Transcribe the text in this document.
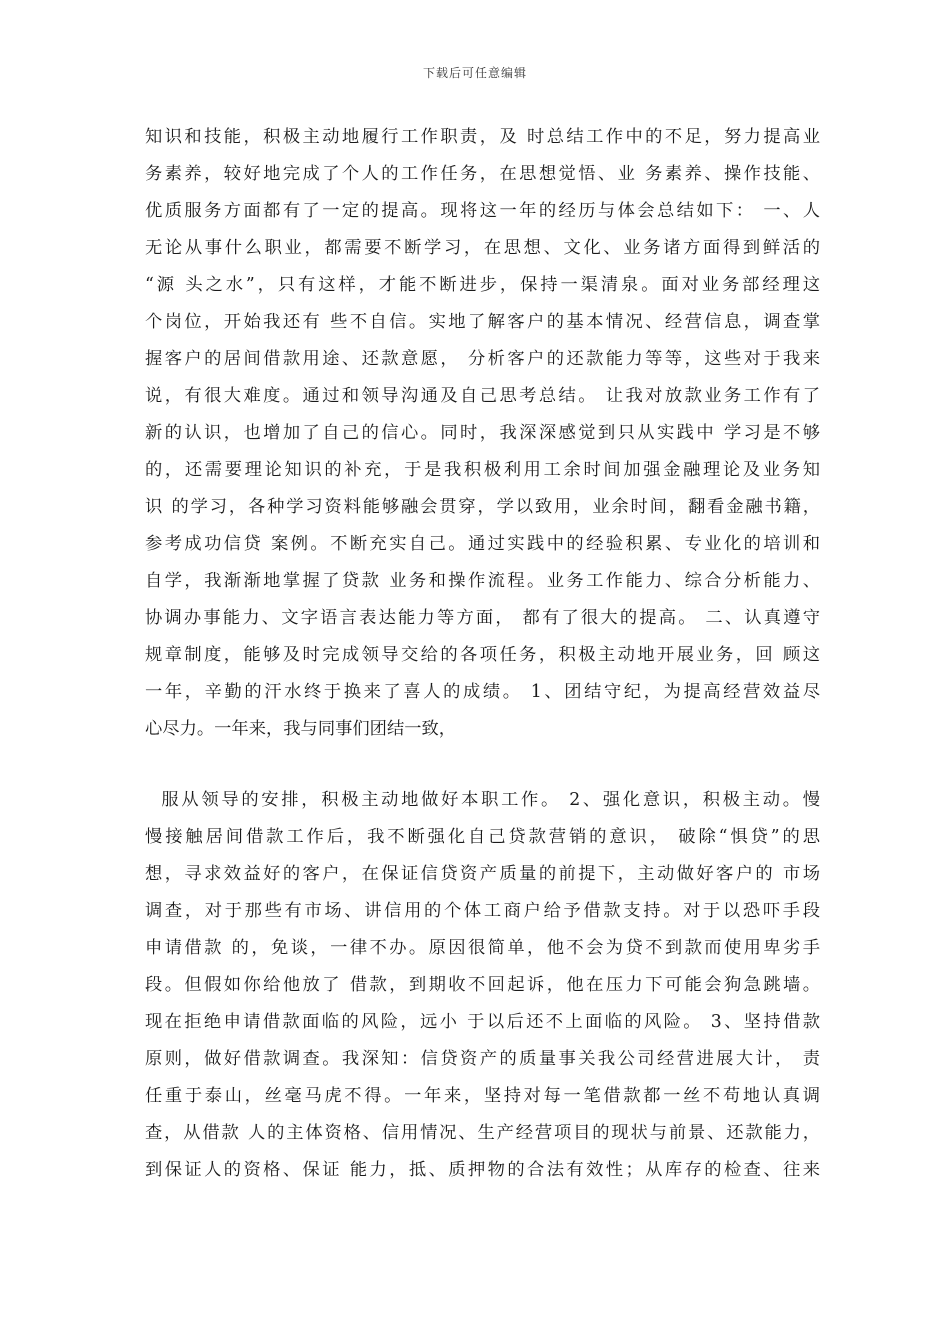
下载后可任意编辑
知识和技能，积极主动地履行工作职责，及 时总结工作中的不足，努力提高业
务素养，较好地完成了个人的工作任务，在思想觉悟、业 务素养、操作技能、
优质服务方面都有了一定的提高。现将这一年的经历与体会总结如下： 一、人
无论从事什么职业，都需要不断学习，在思想、文化、业务诸方面得到鲜活的
“源 头之水”，只有这样，才能不断进步，保持一渠清泉。面对业务部经理这
个岗位，开始我还有 些不自信。实地了解客户的基本情况、经营信息，调查掌
握客户的居间借款用途、还款意愿， 分析客户的还款能力等等，这些对于我来
说，有很大难度。通过和领导沟通及自己思考总结。 让我对放款业务工作有了
新的认识，也增加了自己的信心。同时，我深深感觉到只从实践中 学习是不够
的，还需要理论知识的补充，于是我积极利用工余时间加强金融理论及业务知
识 的学习，各种学习资料能够融会贯穿，学以致用，业余时间，翻看金融书籍，
参考成功信贷 案例。不断充实自己。通过实践中的经验积累、专业化的培训和
自学，我渐渐地掌握了贷款 业务和操作流程。业务工作能力、综合分析能力、
协调办事能力、文字语言表达能力等方面， 都有了很大的提高。 二、认真遵守
规章制度，能够及时完成领导交给的各项任务，积极主动地开展业务，回 顾这
一年，辛勤的汗水终于换来了喜人的成绩。 1、团结守纪，为提高经营效益尽
心尽力。一年来，我与同事们团结一致，
服从领导的安排，积极主动地做好本职工作。 2、强化意识，积极主动。慢
慢接触居间借款工作后，我不断强化自己贷款营销的意识， 破除“惧贷”的思
想，寻求效益好的客户，在保证信贷资产质量的前提下，主动做好客户的 市场
调查，对于那些有市场、讲信用的个体工商户给予借款支持。对于以恐吓手段
申请借款 的，免谈，一律不办。原因很简单，他不会为贷不到款而使用卑劣手
段。但假如你给他放了 借款，到期收不回起诉，他在压力下可能会狗急跳墙。
现在拒绝申请借款面临的风险，远小 于以后还不上面临的风险。 3、坚持借款
原则，做好借款调查。我深知：信贷资产的质量事关我公司经营进展大计， 责
任重于泰山，丝毫马虎不得。一年来，坚持对每一笔借款都一丝不苟地认真调
查，从借款 人的主体资格、信用情况、生产经营项目的现状与前景、还款能力，
到保证人的资格、保证 能力，抵、质押物的合法有效性；从库存的检查、往来
